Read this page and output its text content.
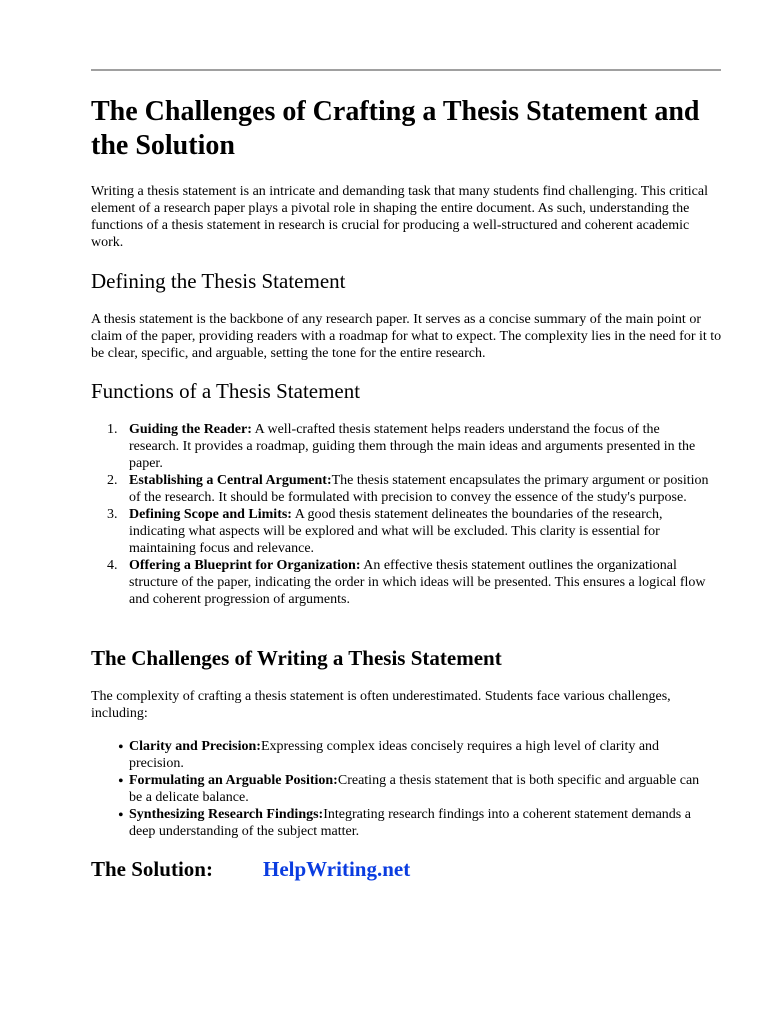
The Challenges of Crafting a Thesis Statement and the Solution

Writing a thesis statement is an intricate and demanding task that many students find challenging. This critical element of a research paper plays a pivotal role in shaping the entire document. As such, understanding the functions of a thesis statement in research is crucial for producing a well-structured and coherent academic work.

Defining the Thesis Statement

A thesis statement is the backbone of any research paper. It serves as a concise summary of the main point or claim of the paper, providing readers with a roadmap for what to expect. The complexity lies in the need for it to be clear, specific, and arguable, setting the tone for the entire research.

Functions of a Thesis Statement
1. Guiding the Reader: A well-crafted thesis statement helps readers understand the focus of the research. It provides a roadmap, guiding them through the main ideas and arguments presented in the paper.
2. Establishing a Central Argument:The thesis statement encapsulates the primary argument or position of the research. It should be formulated with precision to convey the essence of the study's purpose.
3. Defining Scope and Limits: A good thesis statement delineates the boundaries of the research, indicating what aspects will be explored and what will be excluded. This clarity is essential for maintaining focus and relevance.
4. Offering a Blueprint for Organization: An effective thesis statement outlines the organizational structure of the paper, indicating the order in which ideas will be presented. This ensures a logical flow and coherent progression of arguments.
The Challenges of Writing a Thesis Statement

The complexity of crafting a thesis statement is often underestimated. Students face various challenges, including:

• Clarity and Precision:Expressing complex ideas concisely requires a high level of clarity and precision.
• Formulating an Arguable Position:Creating a thesis statement that is both specific and arguable can be a delicate balance.
• Synthesizing Research Findings:Integrating research findings into a coherent statement demands a deep understanding of the subject matter.
The Solution: HelpWriting.net
